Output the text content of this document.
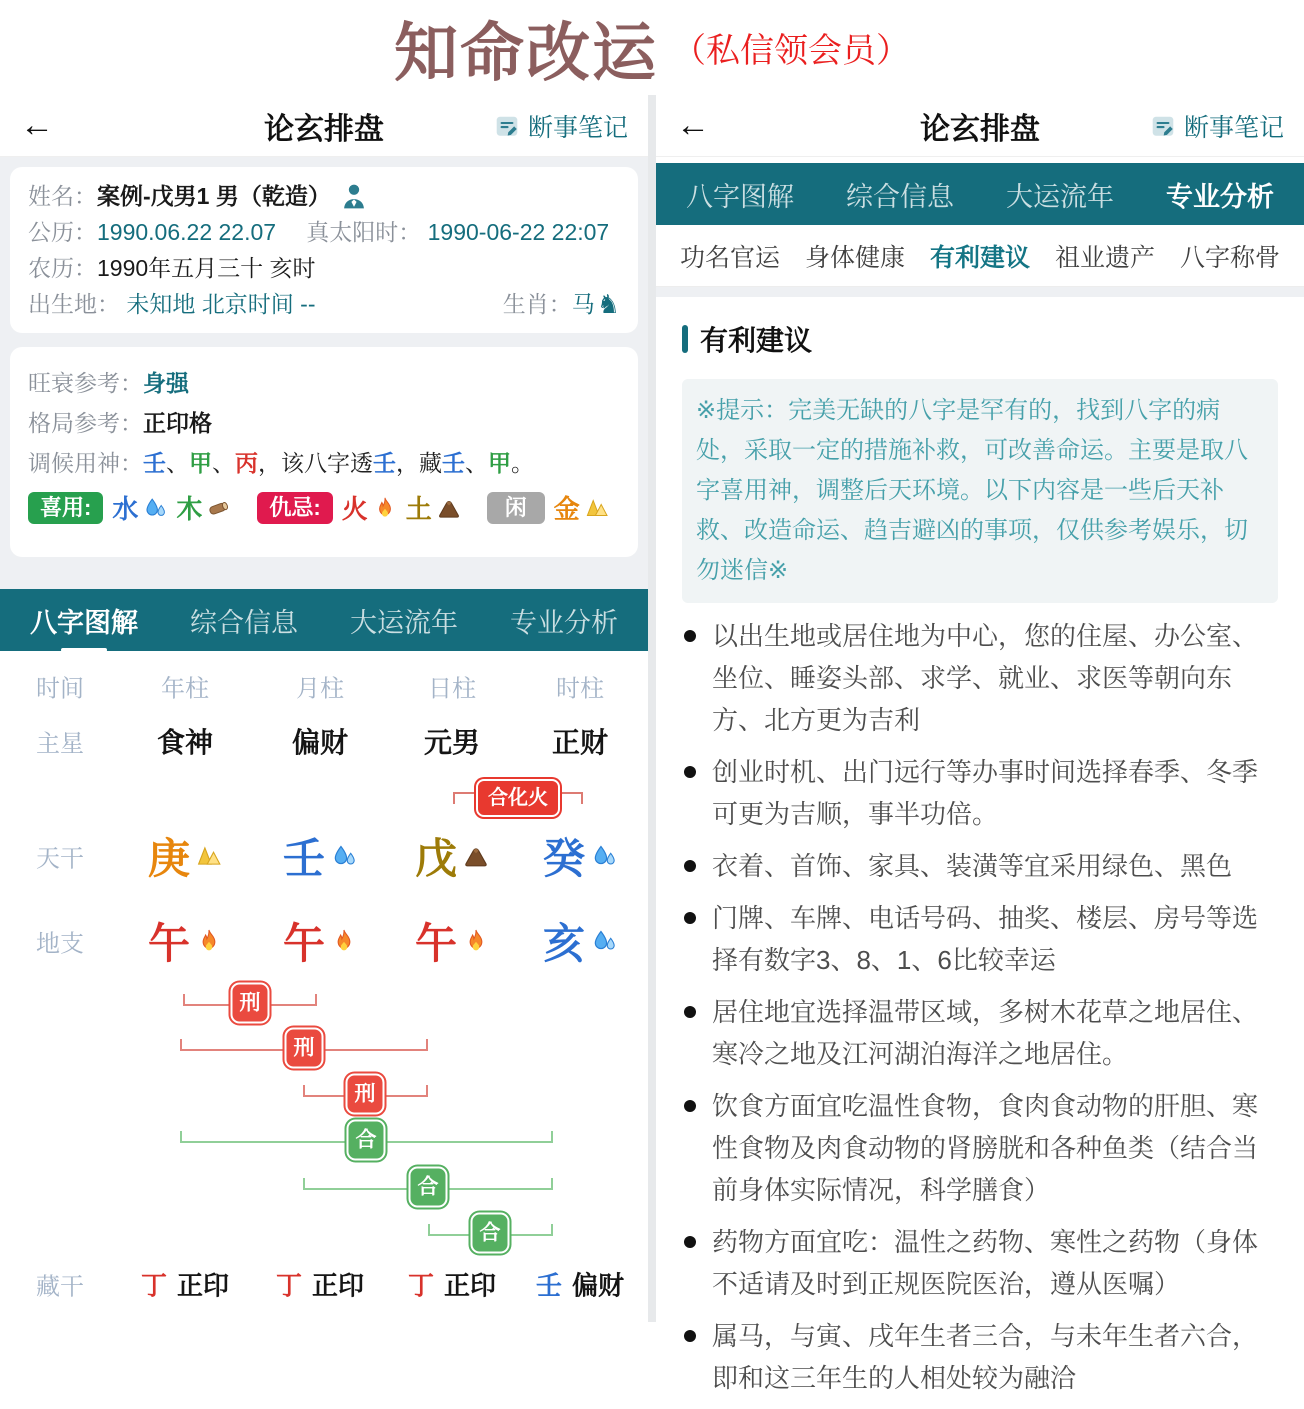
知命改运 （私信领会员）
←	论玄排盘	断事笔记
姓名： 案例-戊男1 男（乾造）
公历： 1990.06.22 22.07 真太阳时： 1990-06-22 22:07
农历： 1990年五月三十 亥时
出生地： 未知地 北京时间 --	生肖： 马 ♞
旺衰参考： 身强
格局参考： 正印格
调候用神： 壬 、 甲 、 丙 ，该八字透 壬 ，藏 壬 、 甲 。
喜用: 水 木	仇忌: 火 土	闲	金
八字图解 综合信息 大运流年 专业分析
时间	年柱	月柱	日柱	时柱
主星	食神	偏财	元男	正财
合化火
天干 庚 壬 戊 癸
地支 午 午 午 亥
刑
刑
刑
合
合
合
藏干 丁 正印 丁 正印 丁 正印 壬 偏财
←	论玄排盘	断事笔记
八字图解 综合信息 大运流年 专业分析
功名官运 身体健康 有利建议 祖业遗产 八字称骨
有利建议
※提示：完美无缺的八字是罕有的，找到八字的病处，采取一定的措施补救，可改善命运。主要是取八字喜用神，调整后天环境。以下内容是一些后天补救、改造命运、趋吉避凶的事项，仅供参考娱乐，切勿迷信※
以出生地或居住地为中心，您的住屋、办公室、坐位、睡姿头部、求学、就业、求医等朝向东方、北方更为吉利
创业时机、出门远行等办事时间选择春季、冬季可更为吉顺，事半功倍。
衣着、首饰、家具、装潢等宜采用绿色、黑色
门牌、车牌、电话号码、抽奖、楼层、房号等选择有数字3、8、1、6比较幸运
居住地宜选择温带区域，多树木花草之地居住、寒冷之地及江河湖泊海洋之地居住。
饮食方面宜吃温性食物，食肉食动物的肝胆、寒性食物及肉食动物的肾膀胱和各种鱼类（结合当前身体实际情况，科学膳食）
药物方面宜吃：温性之药物、寒性之药物（身体不适请及时到正规医院医治，遵从医嘱）
属马，与寅、戌年生者三合，与未年生者六合，即和这三年生的人相处较为融洽
